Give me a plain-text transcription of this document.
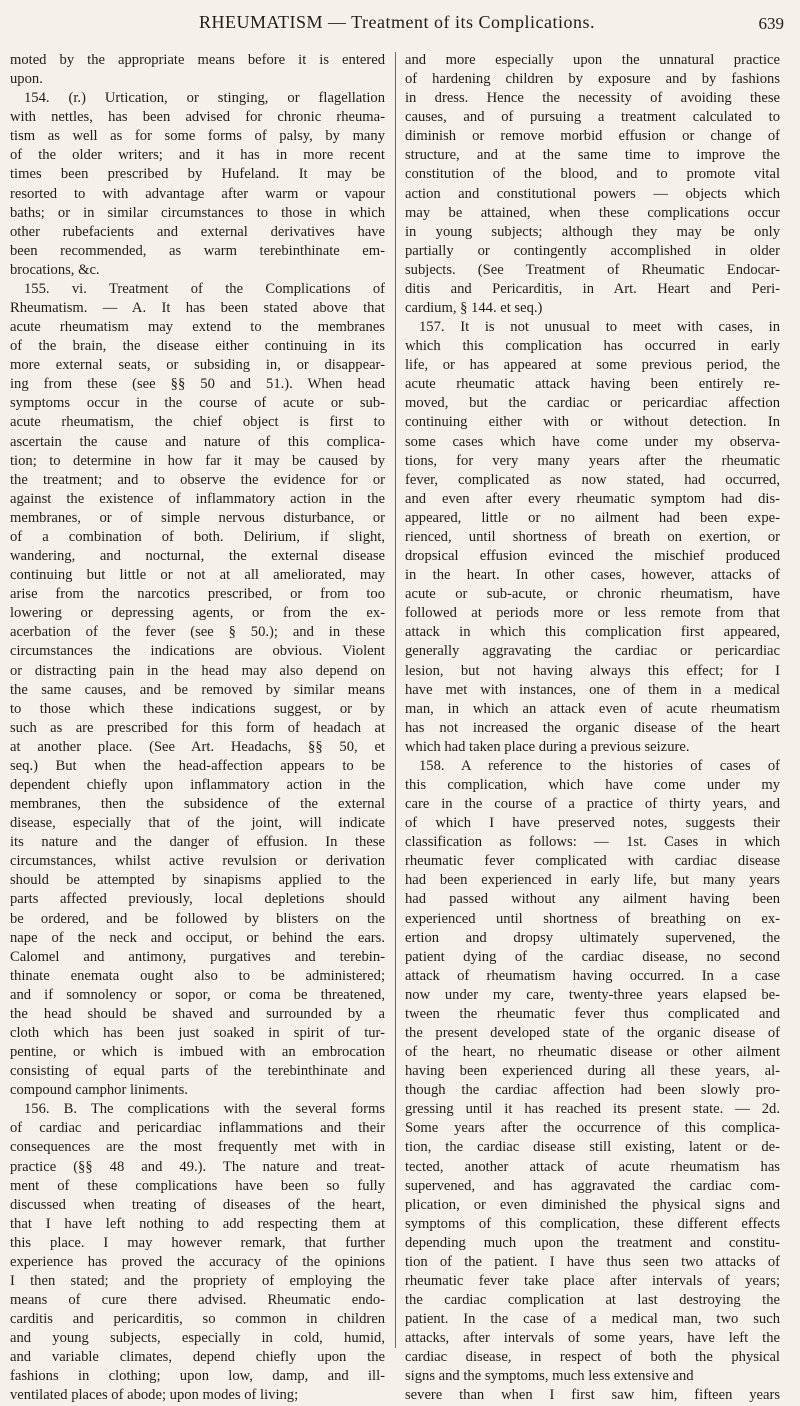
RHEUMATISM — Treatment of its Complications.	639
moted by the appropriate means before it is entered
upon.
154. (r.) Urtication, or stinging, or flagellation
with nettles, has been advised for chronic rheuma-
tism as well as for some forms of palsy, by many
of the older writers; and it has in more recent
times been prescribed by Hufeland. It may be
resorted to with advantage after warm or vapour
baths; or in similar circumstances to those in which
other rubefacients and external derivatives have
been recommended, as warm terebinthinate em-
brocations, &c.
155. vi. Treatment of the Complications of
Rheumatism. — A. It has been stated above that
acute rheumatism may extend to the membranes
of the brain, the disease either continuing in its
more external seats, or subsiding in, or disappear-
ing from these (see §§ 50 and 51.). When head
symptoms occur in the course of acute or sub-
acute rheumatism, the chief object is first to
ascertain the cause and nature of this complica-
tion; to determine in how far it may be caused by
the treatment; and to observe the evidence for or
against the existence of inflammatory action in the
membranes, or of simple nervous disturbance, or
of a combination of both. Delirium, if slight,
wandering, and nocturnal, the external disease
continuing but little or not at all ameliorated, may
arise from the narcotics prescribed, or from too
lowering or depressing agents, or from the ex-
acerbation of the fever (see § 50.); and in these
circumstances the indications are obvious. Violent
or distracting pain in the head may also depend on
the same causes, and be removed by similar means
to those which these indications suggest, or by
such as are prescribed for this form of headach at
at another place. (See Art. Headachs, §§ 50, et
seq.) But when the head-affection appears to be
dependent chiefly upon inflammatory action in the
membranes, then the subsidence of the external
disease, especially that of the joint, will indicate
its nature and the danger of effusion. In these
circumstances, whilst active revulsion or derivation
should be attempted by sinapisms applied to the
parts affected previously, local depletions should
be ordered, and be followed by blisters on the
nape of the neck and occiput, or behind the ears.
Calomel and antimony, purgatives and terebin-
thinate enemata ought also to be administered;
and if somnolency or sopor, or coma be threatened,
the head should be shaved and surrounded by a
cloth which has been just soaked in spirit of tur-
pentine, or which is imbued with an embrocation
consisting of equal parts of the terebinthinate and
compound camphor liniments.
156. B. The complications with the several forms
of cardiac and pericardiac inflammations and their
consequences are the most frequently met with in
practice (§§ 48 and 49.). The nature and treat-
ment of these complications have been so fully
discussed when treating of diseases of the heart,
that I have left nothing to add respecting them at
this place. I may however remark, that further
experience has proved the accuracy of the opinions
I then stated; and the propriety of employing the
means of cure there advised. Rheumatic endo-
carditis and pericarditis, so common in children
and young subjects, especially in cold, humid,
and variable climates, depend chiefly upon the
fashions in clothing; upon low, damp, and ill-
ventilated places of abode; upon modes of living;
and more especially upon the unnatural practice
of hardening children by exposure and by fashions
in dress. Hence the necessity of avoiding these
causes, and of pursuing a treatment calculated to
diminish or remove morbid effusion or change of
structure, and at the same time to improve the
constitution of the blood, and to promote vital
action and constitutional powers — objects which
may be attained, when these complications occur
in young subjects; although they may be only
partially or contingently accomplished in older
subjects. (See Treatment of Rheumatic Endocar-
ditis and Pericarditis, in Art. Heart and Peri-
cardium, § 144. et seq.)
157. It is not unusual to meet with cases, in
which this complication has occurred in early
life, or has appeared at some previous period, the
acute rheumatic attack having been entirely re-
moved, but the cardiac or pericardiac affection
continuing either with or without detection. In
some cases which have come under my observa-
tions, for very many years after the rheumatic
fever, complicated as now stated, had occurred,
and even after every rheumatic symptom had dis-
appeared, little or no ailment had been expe-
rienced, until shortness of breath on exertion, or
dropsical effusion evinced the mischief produced
in the heart. In other cases, however, attacks of
acute or sub-acute, or chronic rheumatism, have
followed at periods more or less remote from that
attack in which this complication first appeared,
generally aggravating the cardiac or pericardiac
lesion, but not having always this effect; for I
have met with instances, one of them in a medical
man, in which an attack even of acute rheumatism
has not increased the organic disease of the heart
which had taken place during a previous seizure.
158. A reference to the histories of cases of
this complication, which have come under my
care in the course of a practice of thirty years, and
of which I have preserved notes, suggests their
classification as follows: — 1st. Cases in which
rheumatic fever complicated with cardiac disease
had been experienced in early life, but many years
had passed without any ailment having been
experienced until shortness of breathing on ex-
ertion and dropsy ultimately supervened, the
patient dying of the cardiac disease, no second
attack of rheumatism having occurred. In a case
now under my care, twenty-three years elapsed be-
tween the rheumatic fever thus complicated and
the present developed state of the organic disease of
of the heart, no rheumatic disease or other ailment
having been experienced during all these years, al-
though the cardiac affection had been slowly pro-
gressing until it has reached its present state. — 2d.
Some years after the occurrence of this complica-
tion, the cardiac disease still existing, latent or de-
tected, another attack of acute rheumatism has
supervened, and has aggravated the cardiac com-
plication, or even diminished the physical signs and
symptoms of this complication, these different effects
depending much upon the treatment and constitu-
tion of the patient. I have thus seen two attacks of
rheumatic fever take place after intervals of years;
the cardiac complication at last destroying the
patient. In the case of a medical man, two such
attacks, after intervals of some years, have left the
cardiac disease, in respect of both the physical
signs and the symptoms, much less extensive and
severe than when I first saw him, fifteen years
